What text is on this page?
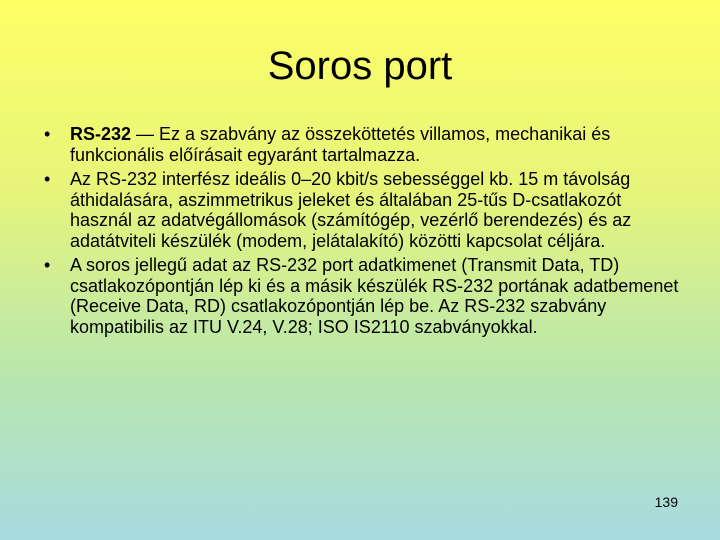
Soros port
• RS-232 — Ez a szabvány az összeköttetés villamos, mechanikai és funkcionális előírásait egyaránt tartalmazza.
• Az RS-232 interfész ideális 0–20 kbit/s sebességgel kb. 15 m távolság áthidalására, aszimmetrikus jeleket és általában 25-tűs D-csatlakozót használ az adatvégállomások (számítógép, vezérlő berendezés) és az adatátviteli készülék (modem, jelátalakító) közötti kapcsolat céljára.
• A soros jellegű adat az RS-232 port adatkimenet (Transmit Data, TD) csatlakozópontján lép ki és a másik készülék RS-232 portának adatbemenet (Receive Data, RD) csatlakozópontján lép be. Az RS-232 szabvány kompatibilis az ITU V.24, V.28; ISO IS2110 szabványokkal.
139
